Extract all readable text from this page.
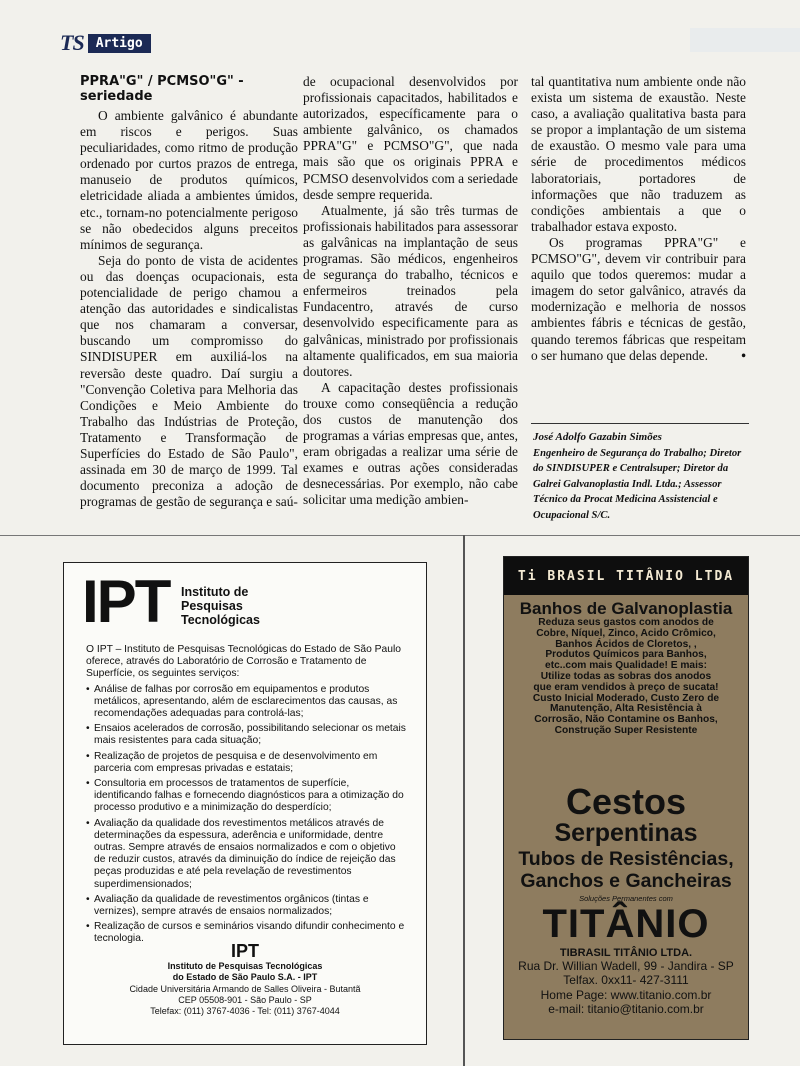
TS Artigo
PPRA"G" / PCMSO"G" -
seriedade

O ambiente galvânico é abundante em riscos e perigos. Suas peculiaridades, como ritmo de produção ordenado por curtos prazos de entrega, manuseio de produtos químicos, eletricidade aliada a ambientes úmidos, etc., tornam-no potencialmente perigoso se não obedecidos alguns preceitos mínimos de segurança.

Seja do ponto de vista de acidentes ou das doenças ocupacionais, esta potencialidade de perigo chamou a atenção das autoridades e sindicalistas que nos chamaram a conversar, buscando um compromisso do SINDISUPER em auxiliá-los na reversão deste quadro. Daí surgiu a "Convenção Coletiva para Melhoria das Condições e Meio Ambiente do Trabalho das Indústrias de Proteção, Tratamento e Transformação de Superfícies do Estado de São Paulo", assinada em 30 de março de 1999. Tal documento preconiza a adoção de programas de gestão de segurança e saú-

de ocupacional desenvolvidos por profissionais capacitados, habilitados e autorizados, específicamente para o ambiente galvânico, os chamados PPRA"G" e PCMSO"G", que nada mais são que os originais PPRA e PCMSO desenvolvidos com a seriedade desde sempre requerida.

Atualmente, já são três turmas de profissionais habilitados para assessorar as galvânicas na implantação de seus programas. São médicos, engenheiros de segurança do trabalho, técnicos e enfermeiros treinados pela Fundacentro, através de curso desenvolvido especificamente para as galvânicas, ministrado por profissionais altamente qualificados, em sua maioria doutores.

A capacitação destes profissionais trouxe como conseqüência a redução dos custos de manutenção dos programas a várias empresas que, antes, eram obrigadas a realizar uma série de exames e outras ações consideradas desnecessárias. Por exemplo, não cabe solicitar uma medição ambien-

tal quantitativa num ambiente onde não exista um sistema de exaustão. Neste caso, a avaliação qualitativa basta para se propor a implantação de um sistema de exaustão. O mesmo vale para uma série de procedimentos médicos laboratoriais, portadores de informações que não traduzem as condições ambientais a que o trabalhador estava exposto.

Os programas PPRA"G" e PCMSO"G", devem vir contribuir para aquilo que todos queremos: mudar a imagem do setor galvânico, através da modernização e melhoria de nossos ambientes fábris e técnicas de gestão, quando teremos fábricas que respeitam o ser humano que delas depende.	•

José Adolfo Gazabin Simões
Engenheiro de Segurança do Trabalho; Diretor do SINDISUPER e Centralsuper; Diretor da Galrei Galvanoplastia Indl. Ltda.; Assessor Técnico da Procat Medicina Assistencial e Ocupacional S/C.
IPT Instituto de Pesquisas Tecnológicas

O IPT – Instituto de Pesquisas Tecnológicas do Estado de São Paulo oferece, através do Laboratório de Corrosão e Tratamento de Superfície, os seguintes serviços:

• Análise de falhas por corrosão em equipamentos e produtos metálicos, apresentando, além de esclarecimentos das causas, as recomendações adequadas para controlá-las;
• Ensaios acelerados de corrosão, possibilitando selecionar os metais mais resistentes para cada situação;
• Realização de projetos de pesquisa e de desenvolvimento em parceria com empresas privadas e estatais;
• Consultoria em processos de tratamentos de superfície, identificando falhas e fornecendo diagnósticos para a otimização do processo produtivo e a minimização do desperdício;
• Avaliação da qualidade dos revestimentos metálicos através de determinações da espessura, aderência e uniformidade, dentre outras. Sempre através de ensaios normalizados e com o objetivo de reduzir custos, através da diminuição do índice de rejeição das peças produzidas e até pela revelação de revestimentos superdimensionados;
• Avaliação da qualidade de revestimentos orgânicos (tintas e vernizes), sempre através de ensaios normalizados;
• Realização de cursos e seminários visando difundir conhecimento e tecnologia.
IPT
Instituto de Pesquisas Tecnológicas
do Estado de São Paulo S.A. - IPT
Cidade Universitária Armando de Salles Oliveira - Butantã
CEP 05508-901 - São Paulo - SP
Telefax: (011) 3767-4036 - Tel: (011) 3767-4044
Ti BRASIL TITÂNIO LTDA
Banhos de Galvanoplastia
Reduza seus gastos com anodos de Cobre, Níquel, Zinco, Acido Crômico, Banhos Ácidos de Cloretos, , Produtos Químicos para Banhos, etc..com mais Qualidade! E mais: Utilize todas as sobras dos anodos que eram vendidos à preço de sucata! Custo Inicial Moderado, Custo Zero de Manutenção, Alta Resistência à Corrosão, Não Contamine os Banhos, Construção Super Resistente
Cestos
Serpentinas
Tubos de Resistências,
Ganchos e Gancheiras
Soluções Permanentes com
TITÂNIO
TIBRASIL TITÂNIO LTDA.
Rua Dr. Willian Wadell, 99 - Jandira - SP
Telfax. 0xx11- 427-3111
Home Page: www.titanio.com.br
e-mail: titanio@titanio.com.br
